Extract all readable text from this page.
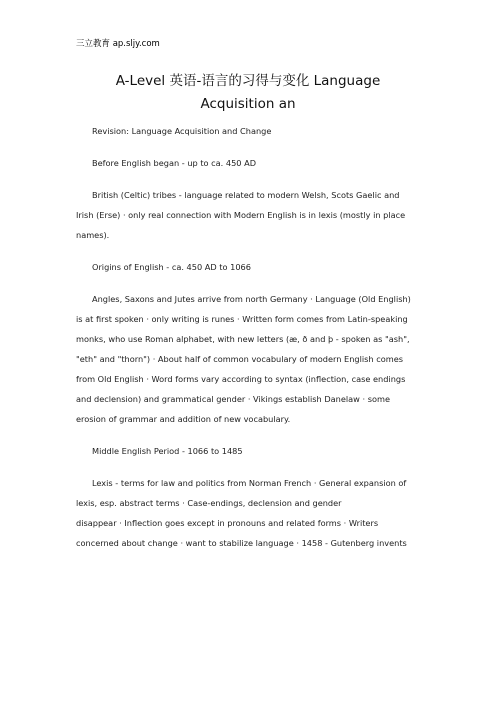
三立教育 ap.sljy.com
A-Level 英语-语言的习得与变化 Language
Acquisition an

Revision: Language Acquisition and Change

Before English began - up to ca. 450 AD

British (Celtic) tribes - language related to modern Welsh, Scots Gaelic and
Irish (Erse) · only real connection with Modern English is in lexis (mostly in place
names).

Origins of English - ca. 450 AD to 1066

Angles, Saxons and Jutes arrive from north Germany · Language (Old English)
is at first spoken · only writing is runes · Written form comes from Latin-speaking
monks, who use Roman alphabet, with new letters (æ, ð and þ - spoken as "ash",
"eth" and "thorn") · About half of common vocabulary of modern English comes
from Old English · Word forms vary according to syntax (inflection, case endings
and declension) and grammatical gender · Vikings establish Danelaw · some
erosion of grammar and addition of new vocabulary.

Middle English Period - 1066 to 1485

Lexis - terms for law and politics from Norman French · General expansion of
lexis, esp. abstract terms · Case-endings, declension and gender
disappear · Inflection goes except in pronouns and related forms · Writers
concerned about change · want to stabilize language · 1458 - Gutenberg invents
